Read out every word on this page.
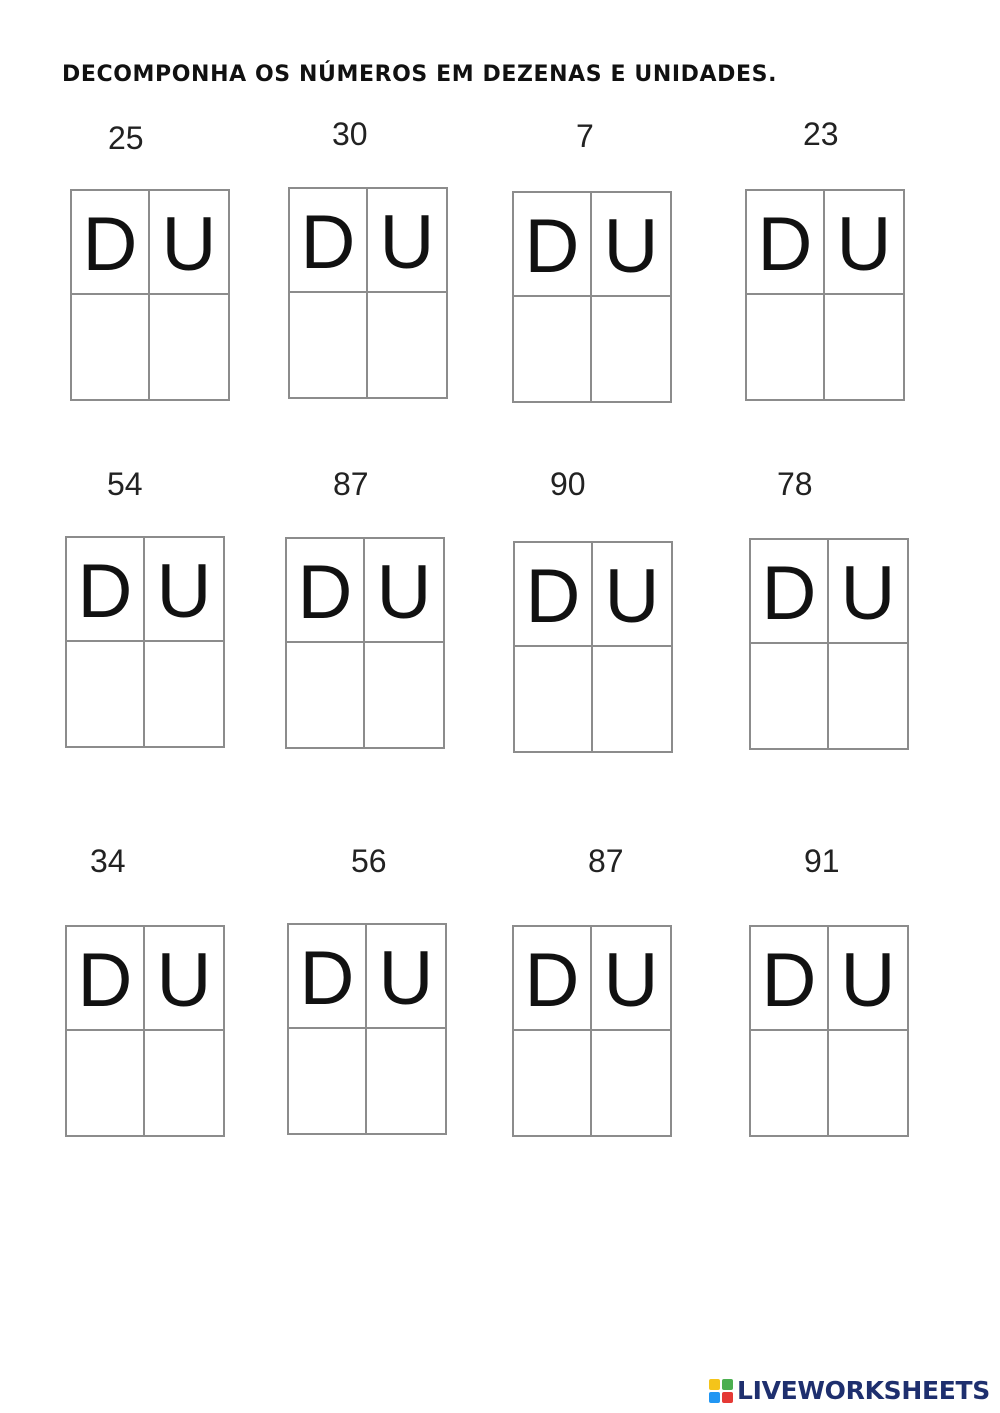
DECOMPONHA OS NÚMEROS EM DEZENAS E UNIDADES.
25
D U
30
D U
7
D U
23
D U
54
D U
87
D U
90
D U
78
D U
34
D U
56
D U
87
D U
91
D U
LIVEWORKSHEETS
